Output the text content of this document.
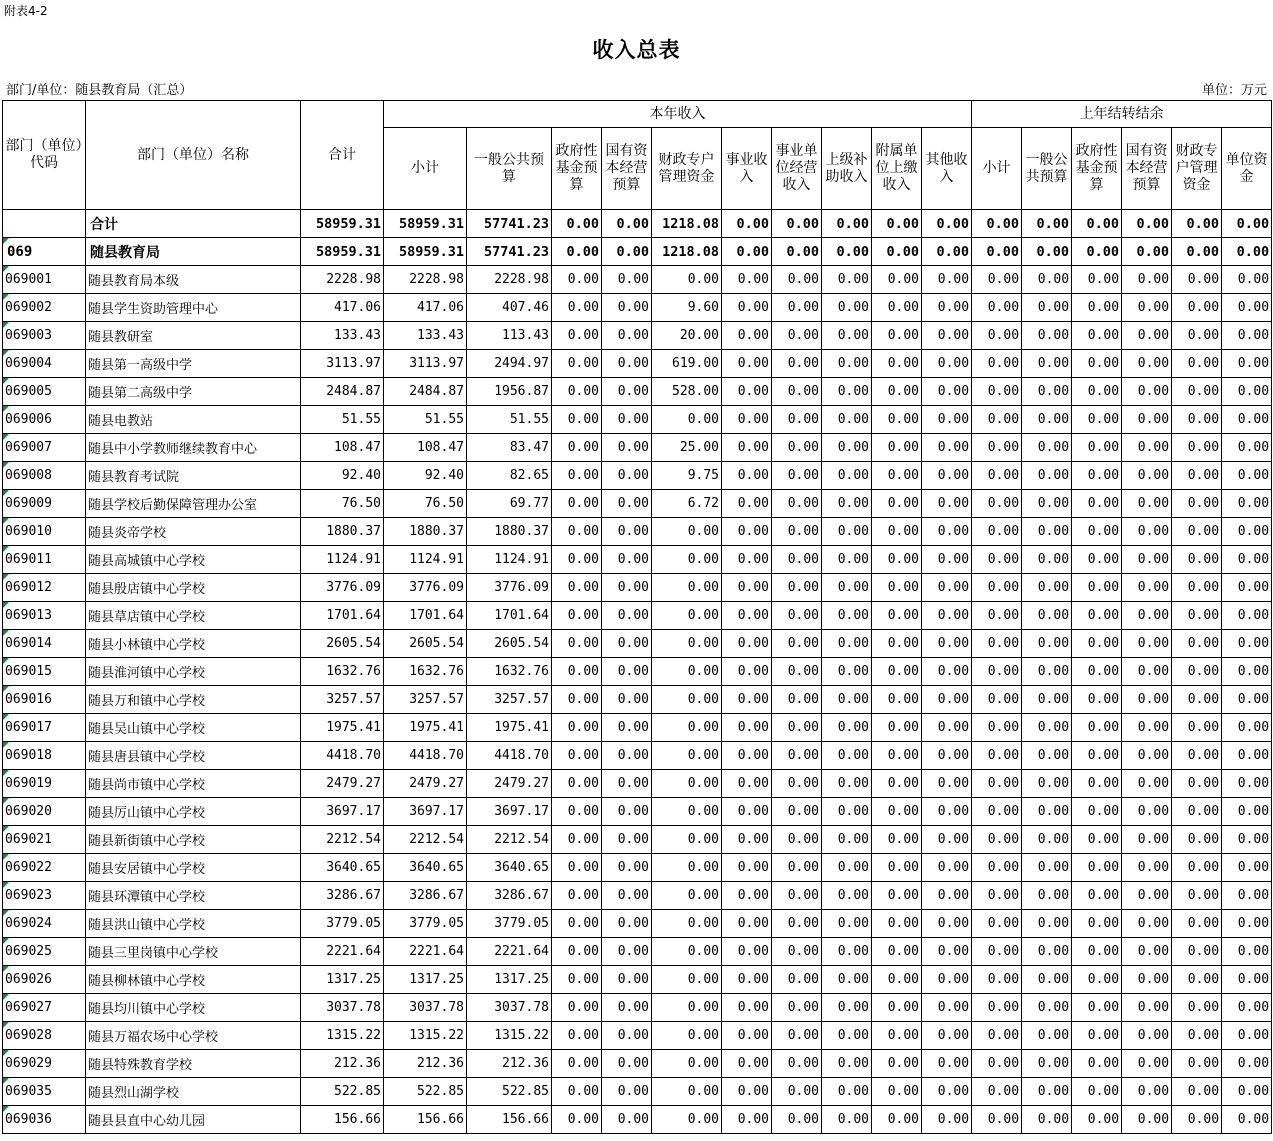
附表4-2
收入总表
部门/单位：随县教育局（汇总）	单位：万元
部门（单位）代码	部门（单位）名称	合计	本年收入										上年结转结余					
			小计	一般公共预算	政府性基金预算	国有资本经营预算	财政专户管理资金	事业收入	事业单位经营收入	上级补助收入	附属单位上缴收入	其他收入	小计	一般公共预算	政府性基金预算	国有资本经营预算	财政专户管理资金	单位资金
	合计	58959.31	58959.31	57741.23	0.00	0.00	1218.08	0.00	0.00	0.00	0.00	0.00	0.00	0.00	0.00	0.00	0.00	0.00
069	随县教育局	58959.31	58959.31	57741.23	0.00	0.00	1218.08	0.00	0.00	0.00	0.00	0.00	0.00	0.00	0.00	0.00	0.00	0.00
069001	随县教育局本级	2228.98	2228.98	2228.98	0.00	0.00	0.00	0.00	0.00	0.00	0.00	0.00	0.00	0.00	0.00	0.00	0.00	0.00
069002	随县学生资助管理中心	417.06	417.06	407.46	0.00	0.00	9.60	0.00	0.00	0.00	0.00	0.00	0.00	0.00	0.00	0.00	0.00	0.00
069003	随县教研室	133.43	133.43	113.43	0.00	0.00	20.00	0.00	0.00	0.00	0.00	0.00	0.00	0.00	0.00	0.00	0.00	0.00
069004	随县第一高级中学	3113.97	3113.97	2494.97	0.00	0.00	619.00	0.00	0.00	0.00	0.00	0.00	0.00	0.00	0.00	0.00	0.00	0.00
069005	随县第二高级中学	2484.87	2484.87	1956.87	0.00	0.00	528.00	0.00	0.00	0.00	0.00	0.00	0.00	0.00	0.00	0.00	0.00	0.00
069006	随县电教站	51.55	51.55	51.55	0.00	0.00	0.00	0.00	0.00	0.00	0.00	0.00	0.00	0.00	0.00	0.00	0.00	0.00
069007	随县中小学教师继续教育中心	108.47	108.47	83.47	0.00	0.00	25.00	0.00	0.00	0.00	0.00	0.00	0.00	0.00	0.00	0.00	0.00	0.00
069008	随县教育考试院	92.40	92.40	82.65	0.00	0.00	9.75	0.00	0.00	0.00	0.00	0.00	0.00	0.00	0.00	0.00	0.00	0.00
069009	随县学校后勤保障管理办公室	76.50	76.50	69.77	0.00	0.00	6.72	0.00	0.00	0.00	0.00	0.00	0.00	0.00	0.00	0.00	0.00	0.00
069010	随县炎帝学校	1880.37	1880.37	1880.37	0.00	0.00	0.00	0.00	0.00	0.00	0.00	0.00	0.00	0.00	0.00	0.00	0.00	0.00
069011	随县高城镇中心学校	1124.91	1124.91	1124.91	0.00	0.00	0.00	0.00	0.00	0.00	0.00	0.00	0.00	0.00	0.00	0.00	0.00	0.00
069012	随县殷店镇中心学校	3776.09	3776.09	3776.09	0.00	0.00	0.00	0.00	0.00	0.00	0.00	0.00	0.00	0.00	0.00	0.00	0.00	0.00
069013	随县草店镇中心学校	1701.64	1701.64	1701.64	0.00	0.00	0.00	0.00	0.00	0.00	0.00	0.00	0.00	0.00	0.00	0.00	0.00	0.00
069014	随县小林镇中心学校	2605.54	2605.54	2605.54	0.00	0.00	0.00	0.00	0.00	0.00	0.00	0.00	0.00	0.00	0.00	0.00	0.00	0.00
069015	随县淮河镇中心学校	1632.76	1632.76	1632.76	0.00	0.00	0.00	0.00	0.00	0.00	0.00	0.00	0.00	0.00	0.00	0.00	0.00	0.00
069016	随县万和镇中心学校	3257.57	3257.57	3257.57	0.00	0.00	0.00	0.00	0.00	0.00	0.00	0.00	0.00	0.00	0.00	0.00	0.00	0.00
069017	随县吴山镇中心学校	1975.41	1975.41	1975.41	0.00	0.00	0.00	0.00	0.00	0.00	0.00	0.00	0.00	0.00	0.00	0.00	0.00	0.00
069018	随县唐县镇中心学校	4418.70	4418.70	4418.70	0.00	0.00	0.00	0.00	0.00	0.00	0.00	0.00	0.00	0.00	0.00	0.00	0.00	0.00
069019	随县尚市镇中心学校	2479.27	2479.27	2479.27	0.00	0.00	0.00	0.00	0.00	0.00	0.00	0.00	0.00	0.00	0.00	0.00	0.00	0.00
069020	随县厉山镇中心学校	3697.17	3697.17	3697.17	0.00	0.00	0.00	0.00	0.00	0.00	0.00	0.00	0.00	0.00	0.00	0.00	0.00	0.00
069021	随县新街镇中心学校	2212.54	2212.54	2212.54	0.00	0.00	0.00	0.00	0.00	0.00	0.00	0.00	0.00	0.00	0.00	0.00	0.00	0.00
069022	随县安居镇中心学校	3640.65	3640.65	3640.65	0.00	0.00	0.00	0.00	0.00	0.00	0.00	0.00	0.00	0.00	0.00	0.00	0.00	0.00
069023	随县环潭镇中心学校	3286.67	3286.67	3286.67	0.00	0.00	0.00	0.00	0.00	0.00	0.00	0.00	0.00	0.00	0.00	0.00	0.00	0.00
069024	随县洪山镇中心学校	3779.05	3779.05	3779.05	0.00	0.00	0.00	0.00	0.00	0.00	0.00	0.00	0.00	0.00	0.00	0.00	0.00	0.00
069025	随县三里岗镇中心学校	2221.64	2221.64	2221.64	0.00	0.00	0.00	0.00	0.00	0.00	0.00	0.00	0.00	0.00	0.00	0.00	0.00	0.00
069026	随县柳林镇中心学校	1317.25	1317.25	1317.25	0.00	0.00	0.00	0.00	0.00	0.00	0.00	0.00	0.00	0.00	0.00	0.00	0.00	0.00
069027	随县均川镇中心学校	3037.78	3037.78	3037.78	0.00	0.00	0.00	0.00	0.00	0.00	0.00	0.00	0.00	0.00	0.00	0.00	0.00	0.00
069028	随县万福农场中心学校	1315.22	1315.22	1315.22	0.00	0.00	0.00	0.00	0.00	0.00	0.00	0.00	0.00	0.00	0.00	0.00	0.00	0.00
069029	随县特殊教育学校	212.36	212.36	212.36	0.00	0.00	0.00	0.00	0.00	0.00	0.00	0.00	0.00	0.00	0.00	0.00	0.00	0.00
069035	随县烈山湖学校	522.85	522.85	522.85	0.00	0.00	0.00	0.00	0.00	0.00	0.00	0.00	0.00	0.00	0.00	0.00	0.00	0.00
069036	随县县直中心幼儿园	156.66	156.66	156.66	0.00	0.00	0.00	0.00	0.00	0.00	0.00	0.00	0.00	0.00	0.00	0.00	0.00	0.00
